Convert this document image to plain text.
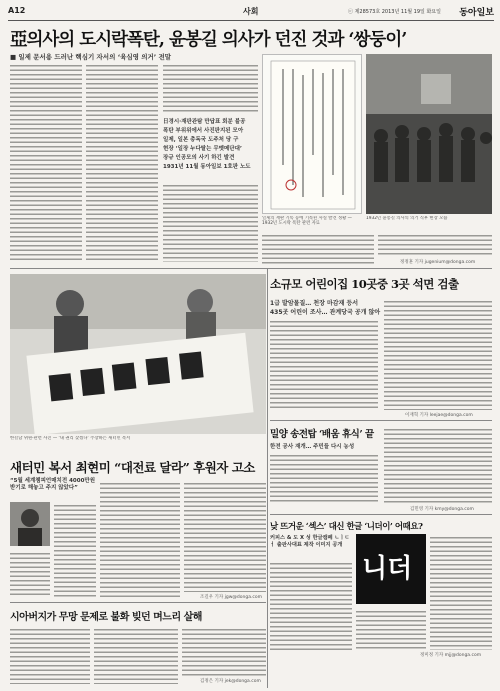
A12	사회	ⓒ 제28573호 2013년 11월 19일 화요일 동아일보
亞의사의 도시락폭탄, 윤봉길 의사가 던진 것과 ‘쌍둥이’
■ 일제 문서용 드러난 핵심기 자서의 ‘육심영 의거’ 전말
日경시·재판관탐 만답표 회분 불공
폭탄 부위위에서 사진판지된 모아
일제, 일본 총독국 도주처 당 구
현장 ‘일장 누다탈는 무멧메단대’
장규 인공모의 사기 하긴 발견
1931년 11월 동아일보 1호판 노도
일제의 재판 기록 등에 기록된 사실 발견 정황 — 1932년 도시락 폭탄 관련 자료
1932년 윤봉길 의사의 의거 직후 현장 모습
정정훈 기자 jugenium@donga.com
한길남 위원·관련 사진 — ‘내 권리 찾겠다’ 주장하는 새터민 복서
소규모 어린이집 10곳중 3곳 석면 검출
1급 발암물질… 천장 마감재 등서
435곳 어린이 조사… 관계당국 공개 않아
이재혁 기자 leejae@donga.com
밀양 송전탑 ‘배움 휴식’ 끝
한전 공사 재개… 주민들 다시 농성
김민영 기자 kmy@donga.com
새터민 복서 최현미 “대전료 달라” 후원자 고소
“5월 세계챔피언매치전 4000만원 받기로 해놓고 주지 않았다”
조길우 기자 jgw@donga.com
낮 뜨거운 ‘섹스’ 대신 한글 ‘니더이’ 어때요?
커피스 & 도 X 성 한글캠페 ㄴㅣㄷㅓ 출판사대표 제작 이미지 공개
니더
정미정 기자 mjj@donga.com
시아버지가 무망 문제로 불화 빚던 며느리 살해
김정은 기자 jek@donga.com
